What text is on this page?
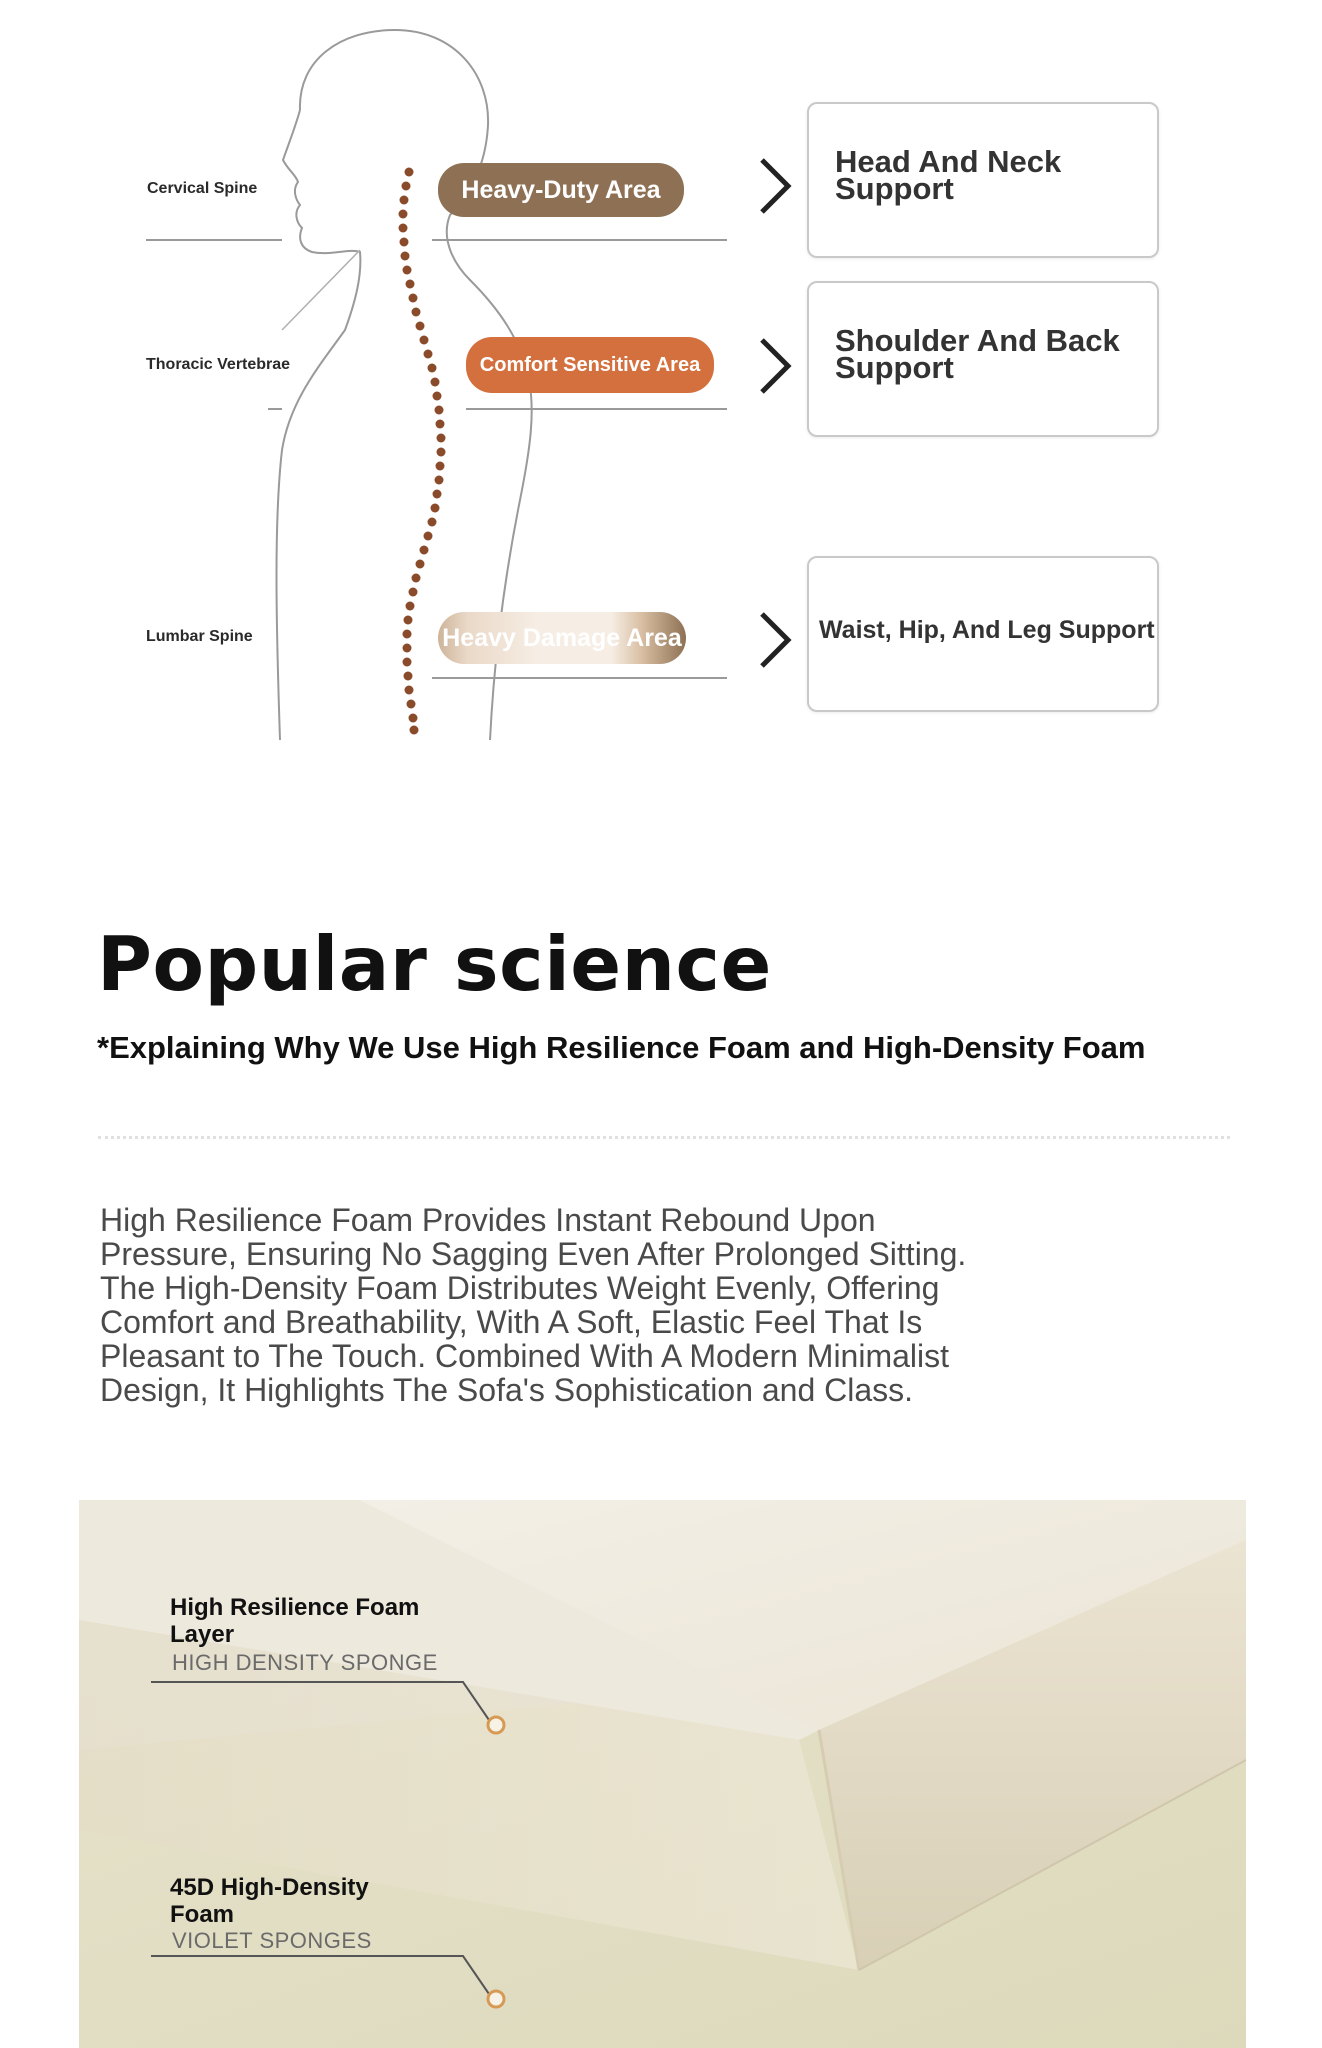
Cervical Spine
Thoracic Vertebrae
Lumbar Spine
Heavy-Duty Area
Comfort Sensitive Area
Heavy Damage Area
Head And Neck Support
Shoulder And Back Support
Waist, Hip, And Leg Support
Popular science
*Explaining Why We Use High Resilience Foam and High-Density Foam
High Resilience Foam Provides Instant Rebound Upon Pressure, Ensuring No Sagging Even After Prolonged Sitting. The High-Density Foam Distributes Weight Evenly, Offering Comfort and Breathability, With A Soft, Elastic Feel That Is Pleasant to The Touch. Combined With A Modern Minimalist Design, It Highlights The Sofa's Sophistication and Class.
High Resilience Foam Layer
HIGH DENSITY SPONGE
45D High-Density Foam
VIOLET SPONGES
